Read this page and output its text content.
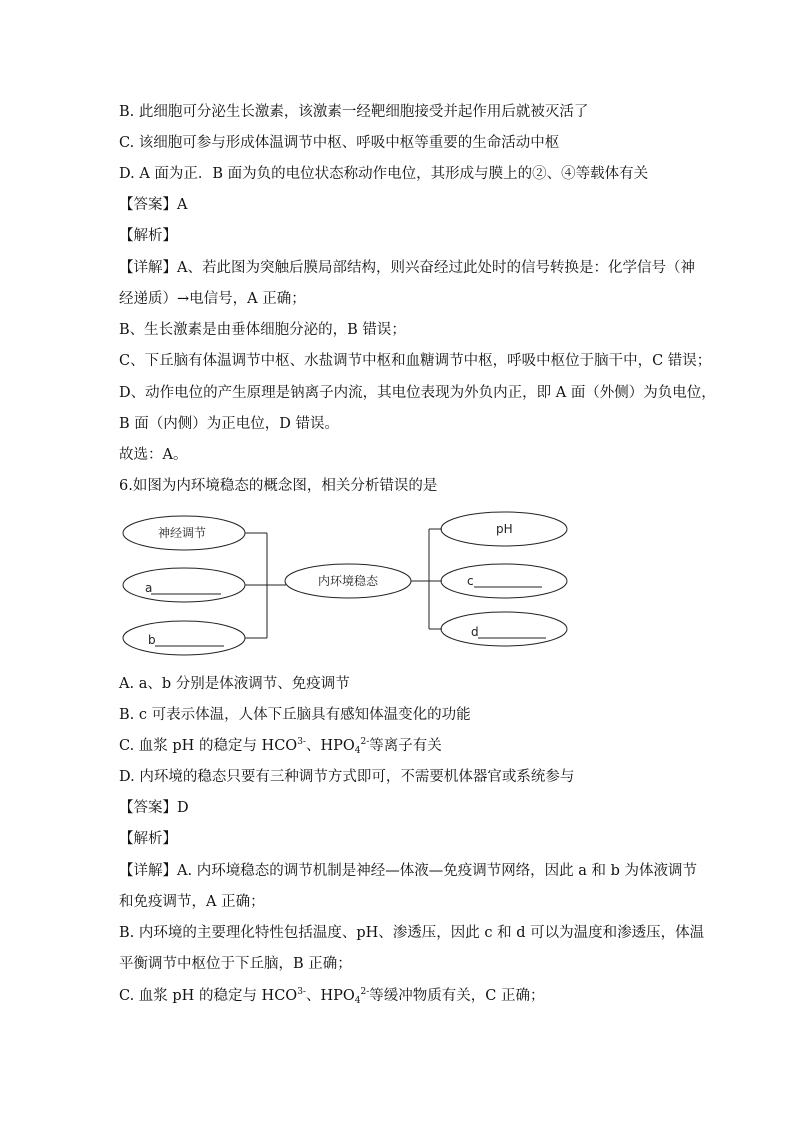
B. 此细胞可分泌生长激素，该激素一经靶细胞接受并起作用后就被灭活了
C. 该细胞可参与形成体温调节中枢、呼吸中枢等重要的生命活动中枢
D. A 面为正．B 面为负的电位状态称动作电位，其形成与膜上的②、④等载体有关
【答案】A
【解析】
【详解】A、若此图为突触后膜局部结构，则兴奋经过此处时的信号转换是：化学信号（神
经递质）→电信号，A 正确；
B、生长激素是由垂体细胞分泌的，B 错误；
C、下丘脑有体温调节中枢、水盐调节中枢和血糖调节中枢，呼吸中枢位于脑干中，C 错误；
D、动作电位的产生原理是钠离子内流，其电位表现为外负内正，即 A 面（外侧）为负电位，
B 面（内侧）为正电位，D 错误。
故选：A。
6.如图为内环境稳态的概念图，相关分析错误的是
神经调节
a
b
内环境稳态
pH
c
d
A. a、b 分别是体液调节、免疫调节
B. c 可表示体温，人体下丘脑具有感知体温变化的功能
C. 血浆 pH 的稳定与 $HCO^{3-}$、$HPO_4^{2-}$等离子有关
D. 内环境的稳态只要有三种调节方式即可，不需要机体器官或系统参与
【答案】D
【解析】
【详解】A. 内环境稳态的调节机制是神经—体液—免疫调节网络，因此 a 和 b 为体液调节
和免疫调节，A 正确；
B. 内环境的主要理化特性包括温度、pH、渗透压，因此 c 和 d 可以为温度和渗透压，体温
平衡调节中枢位于下丘脑，B 正确；
C. 血浆 pH 的稳定与 $HCO^{3-}$、$HPO_4^{2-}$等缓冲物质有关，C 正确；
